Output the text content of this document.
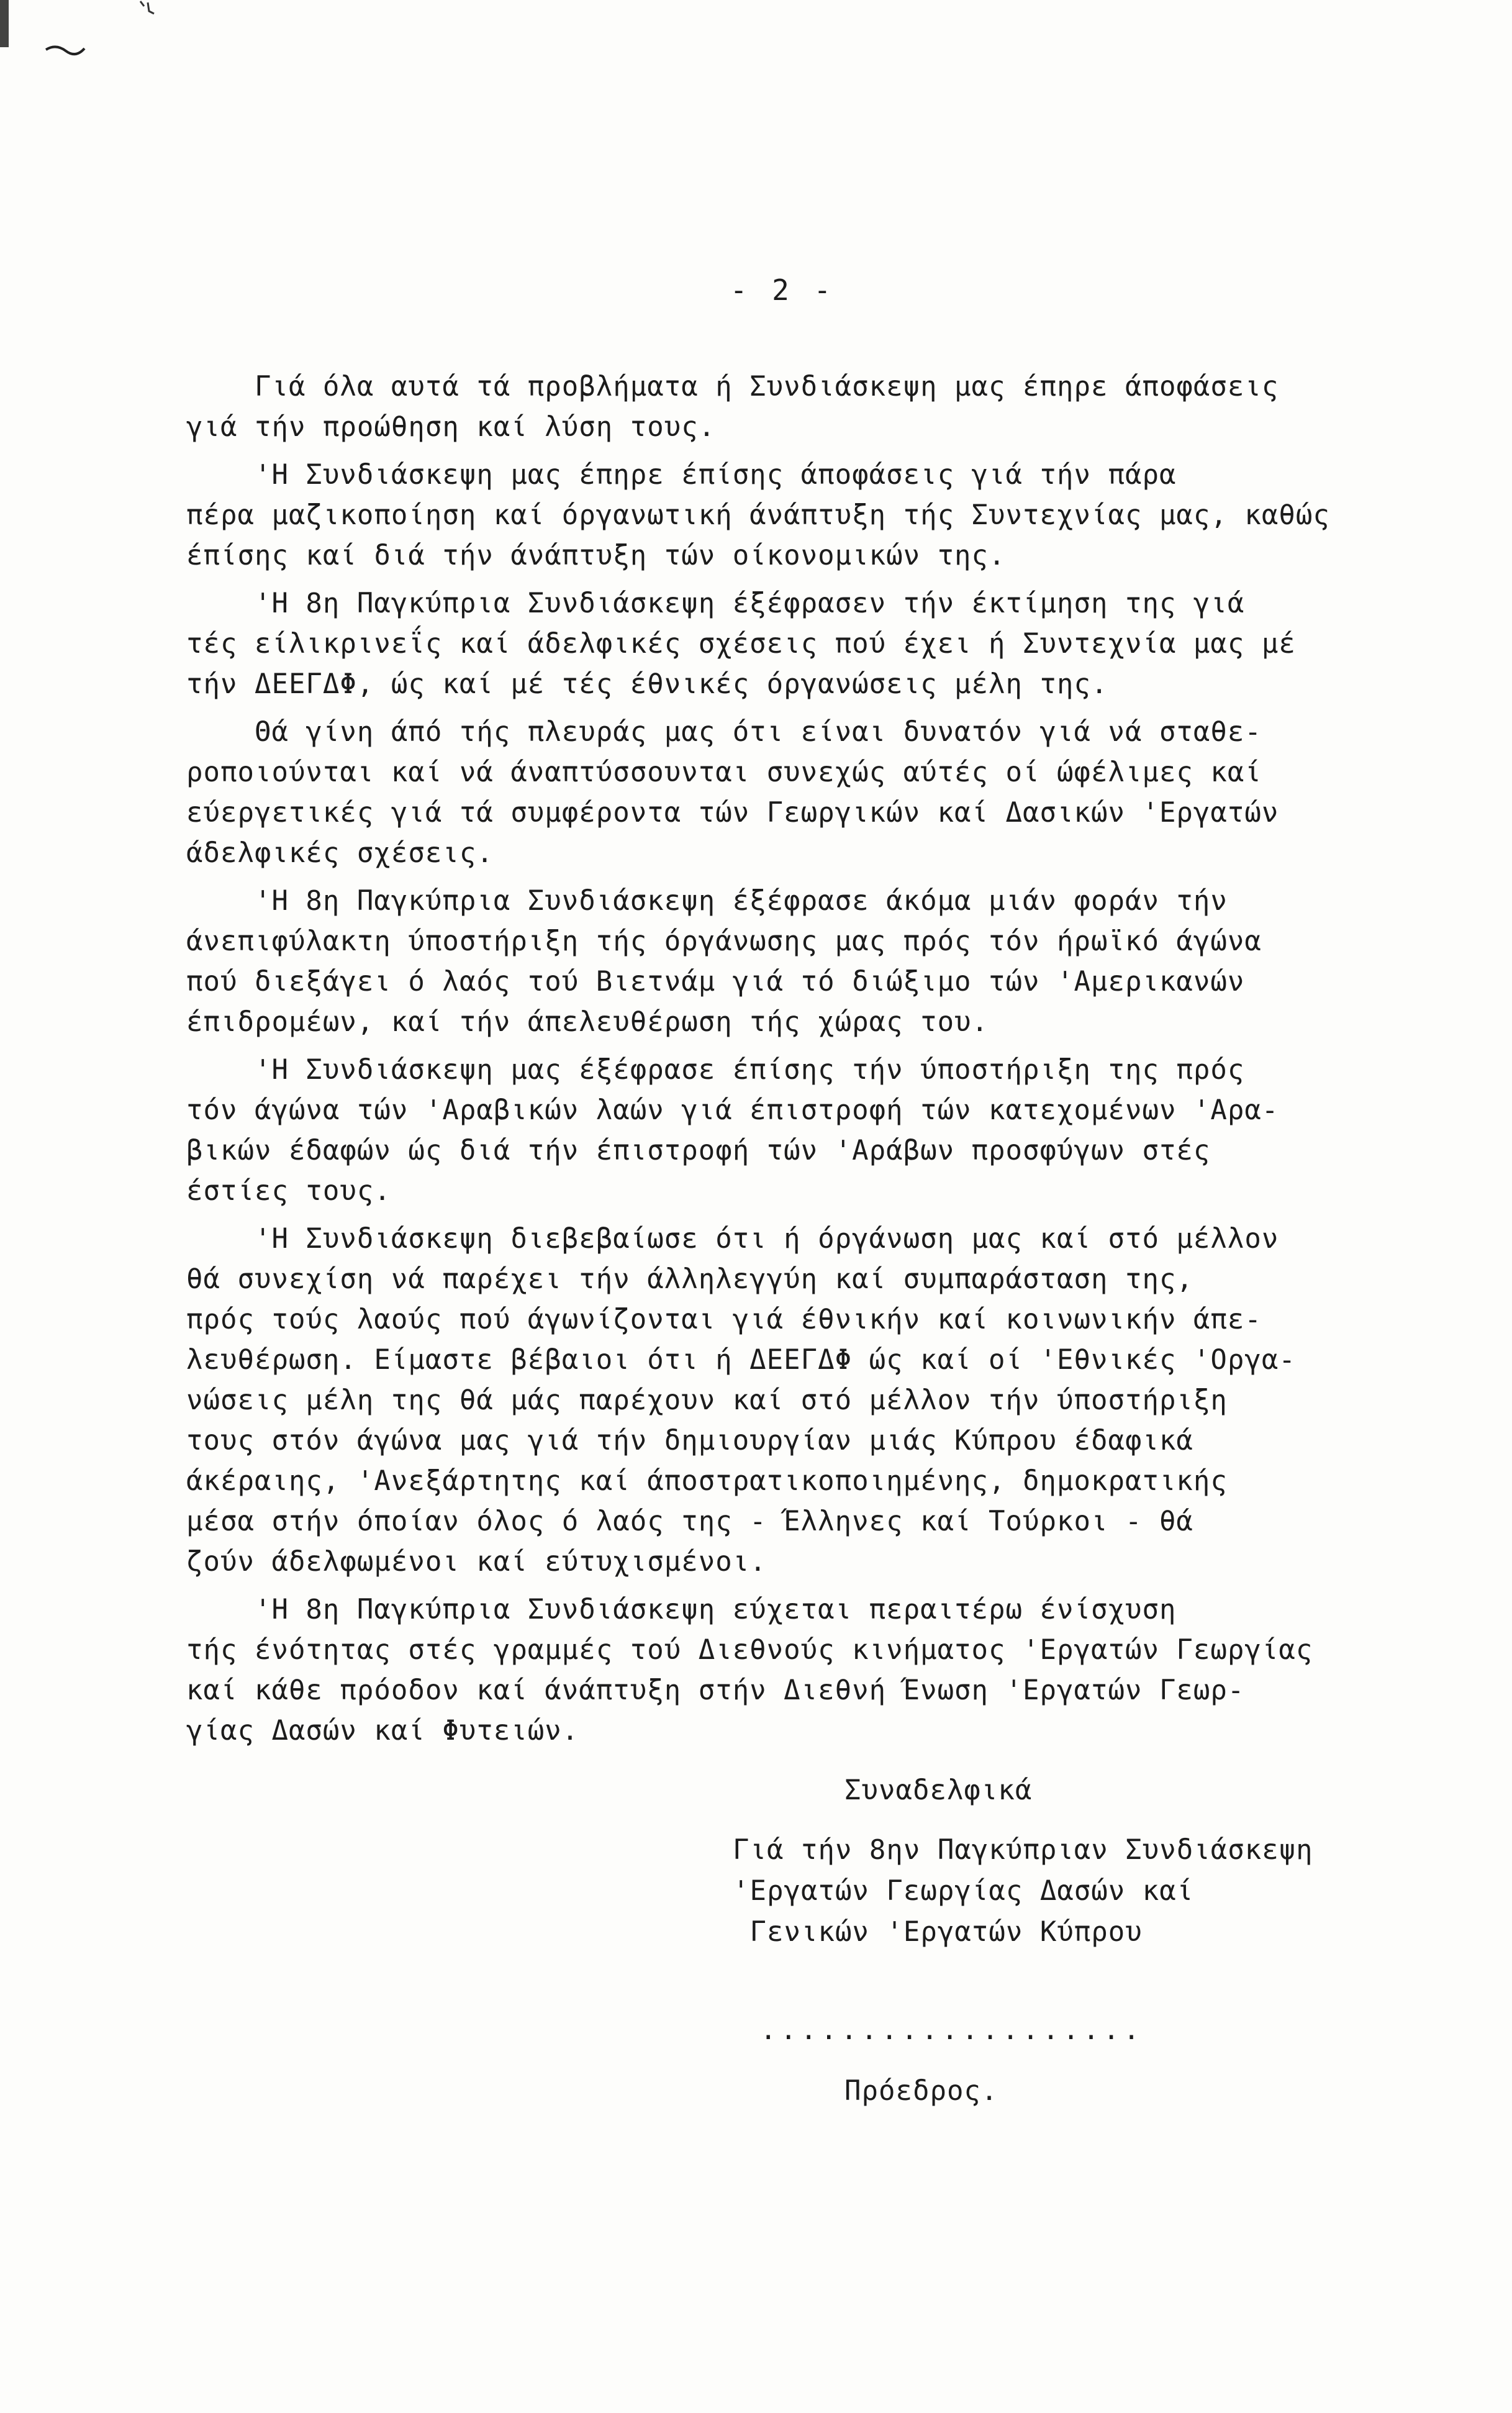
- 2 -
Γιά όλα αυτά τά προβλήματα ή Συνδιάσκεψη μας έπηρε άποφάσεις
γιά τήν προώθηση καί λύση τους.
'Η Συνδιάσκεψη μας έπηρε έπίσης άποφάσεις γιά τήν πάρα
πέρα μαζικοποίηση καί όργανωτική άνάπτυξη τής Συντεχνίας μας, καθώς
έπίσης καί διά τήν άνάπτυξη τών οίκονομικών της.
'Η 8η Παγκύπρια Συνδιάσκεψη έξέφρασεν τήν έκτίμηση της γιά
τές είλικρινεΐς καί άδελφικές σχέσεις πού έχει ή Συντεχνία μας μέ
τήν ΔΕΕΓΔΦ, ώς καί μέ τές έθνικές όργανώσεις μέλη της.
Θά γίνη άπό τής πλευράς μας ότι είναι δυνατόν γιά νά σταθε-
ροποιούνται καί νά άναπτύσσουνται συνεχώς αύτές οί ώφέλιμες καί
εύεργετικές γιά τά συμφέροντα τών Γεωργικών καί Δασικών 'Εργατών
άδελφικές σχέσεις.
'Η 8η Παγκύπρια Συνδιάσκεψη έξέφρασε άκόμα μιάν φοράν τήν
άνεπιφύλακτη ύποστήριξη τής όργάνωσης μας πρός τόν ήρωϊκό άγώνα
πού διεξάγει ό λαός τού Βιετνάμ γιά τό διώξιμο τών 'Αμερικανών
έπιδρομέων, καί τήν άπελευθέρωση τής χώρας του.
'Η Συνδιάσκεψη μας έξέφρασε έπίσης τήν ύποστήριξη της πρός
τόν άγώνα τών 'Αραβικών λαών γιά έπιστροφή τών κατεχομένων 'Αρα-
βικών έδαφών ώς διά τήν έπιστροφή τών 'Αράβων προσφύγων στές
έστίες τους.
'Η Συνδιάσκεψη διεβεβαίωσε ότι ή όργάνωση μας καί στό μέλλον
θά συνεχίση νά παρέχει τήν άλληλεγγύη καί συμπαράσταση της,
πρός τούς λαούς πού άγωνίζονται γιά έθνικήν καί κοινωνικήν άπε-
λευθέρωση. Είμαστε βέβαιοι ότι ή ΔΕΕΓΔΦ ώς καί οί 'Εθνικές 'Οργα-
νώσεις μέλη της θά μάς παρέχουν καί στό μέλλον τήν ύποστήριξη
τους στόν άγώνα μας γιά τήν δημιουργίαν μιάς Κύπρου έδαφικά
άκέραιης, 'Ανεξάρτητης καί άποστρατικοποιημένης, δημοκρατικής
μέσα στήν όποίαν όλος ό λαός της - Έλληνες καί Τούρκοι - θά
ζούν άδελφωμένοι καί εύτυχισμένοι.
'Η 8η Παγκύπρια Συνδιάσκεψη εύχεται περαιτέρω ένίσχυση
τής ένότητας στές γραμμές τού Διεθνούς κινήματος 'Εργατών Γεωργίας
καί κάθε πρόοδον καί άνάπτυξη στήν Διεθνή Ένωση 'Εργατών Γεωρ-
γίας Δασών καί Φυτειών.
Συναδελφικά
Γιά τήν 8ην Παγκύπριαν Συνδιάσκεψη
'Εργατών Γεωργίας Δασών καί
Γενικών 'Εργατών Κύπρου
...................
Πρόεδρος.
